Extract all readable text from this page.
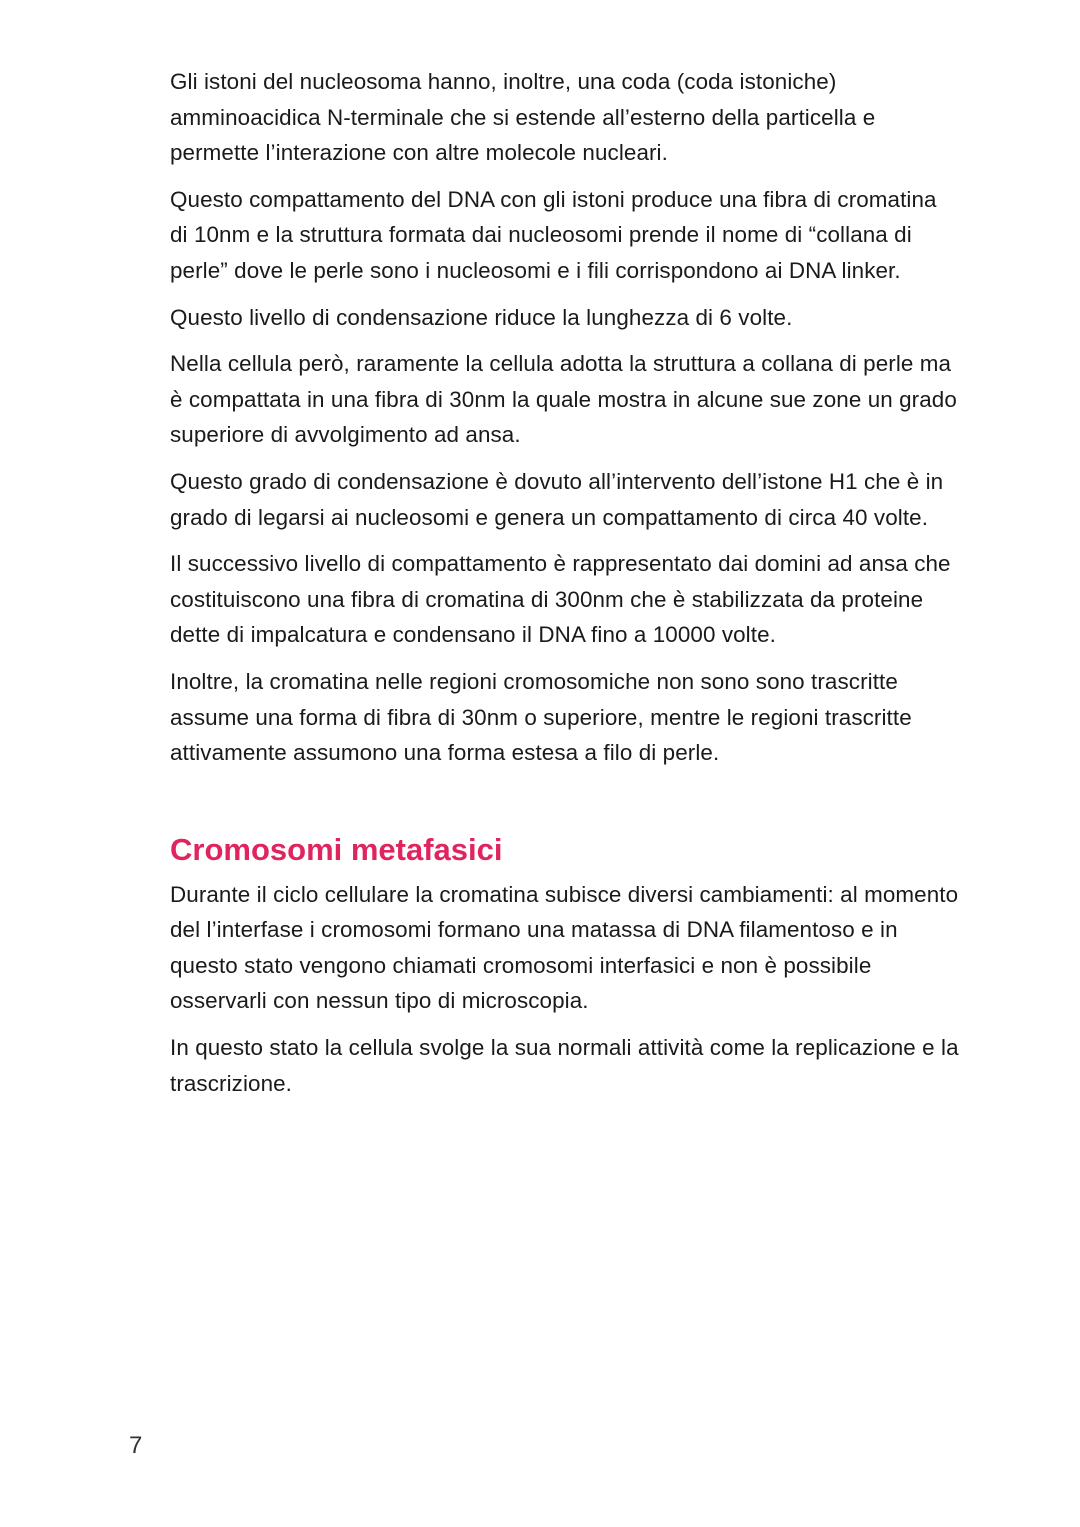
Gli istoni del nucleosoma hanno, inoltre, una coda (coda istoniche) amminoacidica N-terminale che si estende all’esterno della particella e permette l’interazione con altre molecole nucleari.

Questo compattamento del DNA con gli istoni produce una fibra di cromatina di 10nm e la struttura formata dai nucleosomi prende il nome di “collana di perle” dove le perle sono i nucleosomi e i fili corrispondono ai DNA linker.

Questo livello di condensazione riduce la lunghezza di 6 volte.

Nella cellula però, raramente la cellula adotta la struttura a collana di perle ma è compattata in una fibra di 30nm la quale mostra in alcune sue zone un grado superiore di avvolgimento ad ansa.

Questo grado di condensazione è dovuto all’intervento dell’istone H1 che è in grado di legarsi ai nucleosomi e genera un compattamento di circa 40 volte.

Il successivo livello di compattamento è rappresentato dai domini ad ansa che costituiscono una fibra di cromatina di 300nm che è stabilizzata da proteine dette di impalcatura e condensano il DNA fino a 10000 volte.

Inoltre, la cromatina nelle regioni cromosomiche non sono sono trascritte assume una forma di fibra di 30nm o superiore, mentre le regioni trascritte attivamente assumono una forma estesa a filo di perle.

Cromosomi metafasici

Durante il ciclo cellulare la cromatina subisce diversi cambiamenti: al momento del l’interfase i cromosomi formano una matassa di DNA filamentoso e in questo stato vengono chiamati cromosomi interfasici e non è possibile osservarli con nessun tipo di microscopia.

In questo stato la cellula svolge la sua normali attività come la replicazione e la trascrizione.

7
